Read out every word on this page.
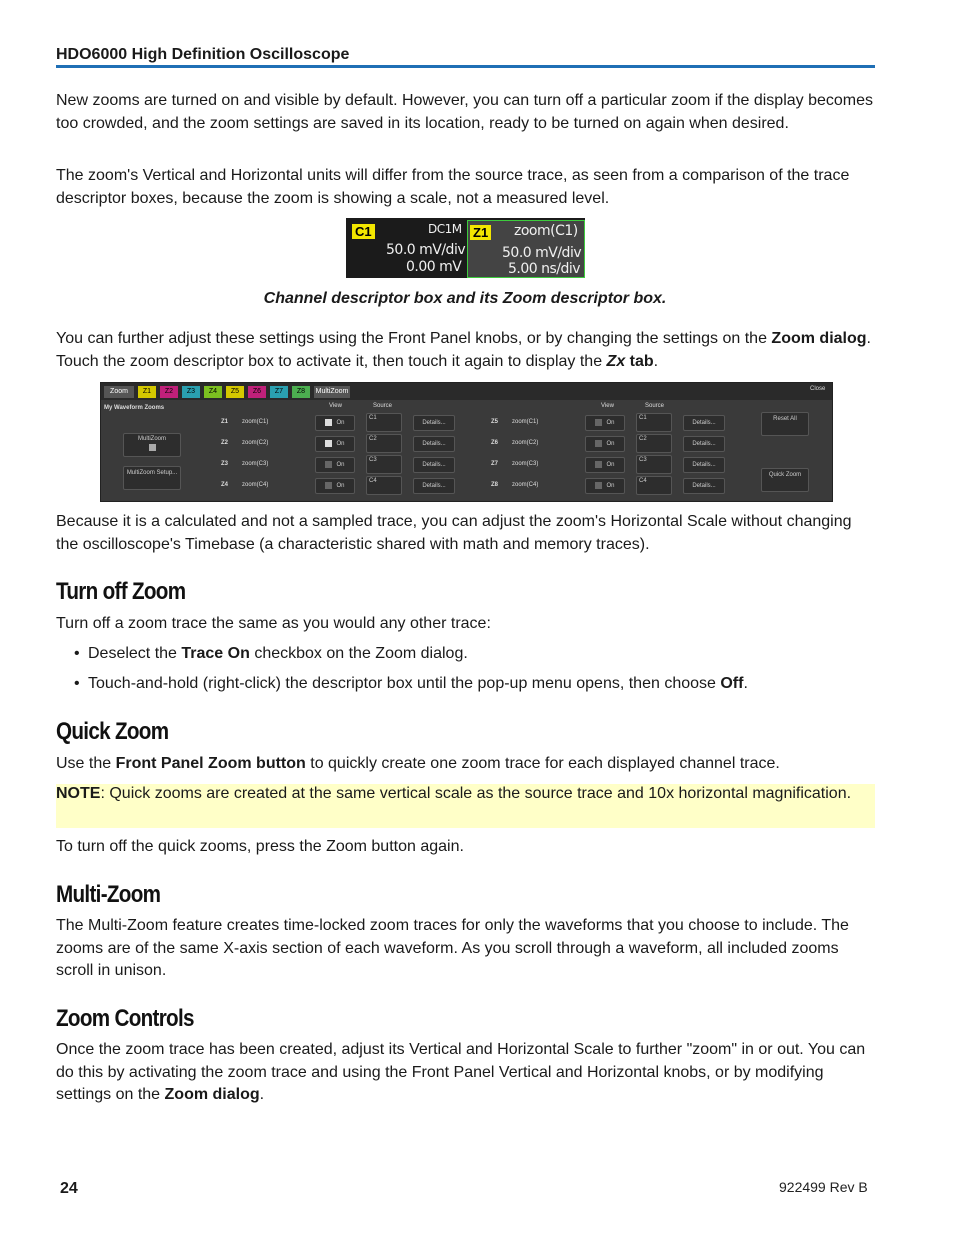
HDO6000 High Definition Oscilloscope
New zooms are turned on and visible by default. However, you can turn off a particular zoom if the display becomes too crowded, and the zoom settings are saved in its location, ready to be turned on again when desired.
The zoom's Vertical and Horizontal units will differ from the source trace, as seen from a comparison of the trace descriptor boxes, because the zoom is showing a scale, not a measured level.
C1	DC1M
50.0 mV/div
0.00 mV
Z1 zoom(C1)
50.0 mV/div
5.00 ns/div
Channel descriptor box and its Zoom descriptor box.
You can further adjust these settings using the Front Panel knobs, or by changing the settings on the Zoom dialog. Touch the zoom descriptor box to activate it, then touch it again to display the Zx tab.
Zoom	Z1	Z2	Z3	Z4	Z5	Z6	Z7	Z8	MultiZoom	Close
My Waveform Zooms
MultiZoom

MultiZoom Setup...
View	Source	View	Source
Z1 zoom(C1)	On
C1
Details...
Z2 zoom(C2)	On
C2
Details...
Z3 zoom(C3)	On
C3
Details...
Z4 zoom(C4)	On
C4
Details...
Z5 zoom(C1)	On
C1
Details...
Z6 zoom(C2)	On
C2
Details...
Z7 zoom(C3)	On
C3
Details...
Z8 zoom(C4)	On
C4
Details...
Reset All
Quick Zoom
Because it is a calculated and not a sampled trace, you can adjust the zoom's Horizontal Scale without changing the oscilloscope's Timebase (a characteristic shared with math and memory traces).
Turn off Zoom
Turn off a zoom trace the same as you would any other trace:
• Deselect the Trace On checkbox on the Zoom dialog.
• Touch-and-hold (right-click) the descriptor box until the pop-up menu opens, then choose Off.
Quick Zoom
Use the Front Panel Zoom button to quickly create one zoom trace for each displayed channel trace.
NOTE: Quick zooms are created at the same vertical scale as the source trace and 10x horizontal magnification.
To turn off the quick zooms, press the Zoom button again.
Multi-Zoom
The Multi-Zoom feature creates time-locked zoom traces for only the waveforms that you choose to include. The zooms are of the same X-axis section of each waveform. As you scroll through a waveform, all included zooms scroll in unison.
Zoom Controls
Once the zoom trace has been created, adjust its Vertical and Horizontal Scale to further "zoom" in or out. You can do this by activating the zoom trace and using the Front Panel Vertical and Horizontal knobs, or by modifying settings on the Zoom dialog.
24	922499 Rev B
